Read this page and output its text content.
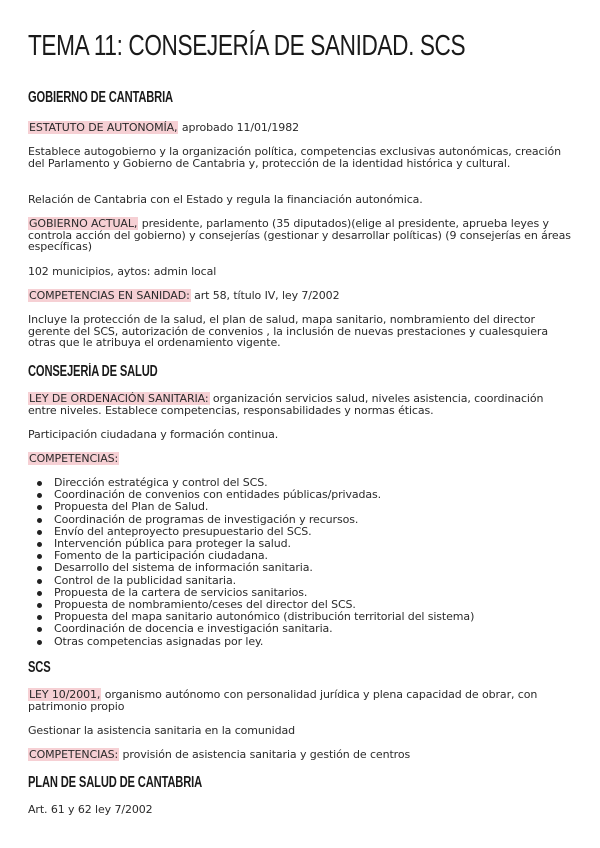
TEMA 11: CONSEJERÍA DE SANIDAD. SCS
GOBIERNO DE CANTABRIA
ESTATUTO DE AUTONOMÍA, aprobado 11/01/1982
Establece autogobierno y la organización política, competencias exclusivas autonómicas, creación del Parlamento y Gobierno de Cantabria y, protección de la identidad histórica y cultural.
Relación de Cantabria con el Estado y regula la financiación autonómica.
GOBIERNO ACTUAL, presidente, parlamento (35 diputados)(elige al presidente, aprueba leyes y controla acción del gobierno) y consejerías (gestionar y desarrollar políticas) (9 consejerías en áreas específicas)
102 municipios, aytos: admin local
COMPETENCIAS EN SANIDAD: art 58, título IV, ley 7/2002
Incluye la protección de la salud, el plan de salud, mapa sanitario, nombramiento del director gerente del SCS, autorización de convenios , la inclusión de nuevas prestaciones y cualesquiera otras que le atribuya el ordenamiento vigente.
CONSEJERÍA DE SALUD
LEY DE ORDENACIÓN SANITARIA: organización servicios salud, niveles asistencia, coordinación entre niveles. Establece competencias, responsabilidades y normas éticas.
Participación ciudadana y formación continua.
COMPETENCIAS:
Dirección estratégica y control del SCS.
Coordinación de convenios con entidades públicas/privadas.
Propuesta del Plan de Salud.
Coordinación de programas de investigación y recursos.
Envío del anteproyecto presupuestario del SCS.
Intervención pública para proteger la salud.
Fomento de la participación ciudadana.
Desarrollo del sistema de información sanitaria.
Control de la publicidad sanitaria.
Propuesta de la cartera de servicios sanitarios.
Propuesta de nombramiento/ceses del director del SCS.
Propuesta del mapa sanitario autonómico (distribución territorial del sistema)
Coordinación de docencia e investigación sanitaria.
Otras competencias asignadas por ley.
SCS
LEY 10/2001, organismo autónomo con personalidad jurídica y plena capacidad de obrar, con patrimonio propio
Gestionar la asistencia sanitaria en la comunidad
COMPETENCIAS: provisión de asistencia sanitaria y gestión de centros
PLAN DE SALUD DE CANTABRIA
Art. 61 y 62 ley 7/2002
